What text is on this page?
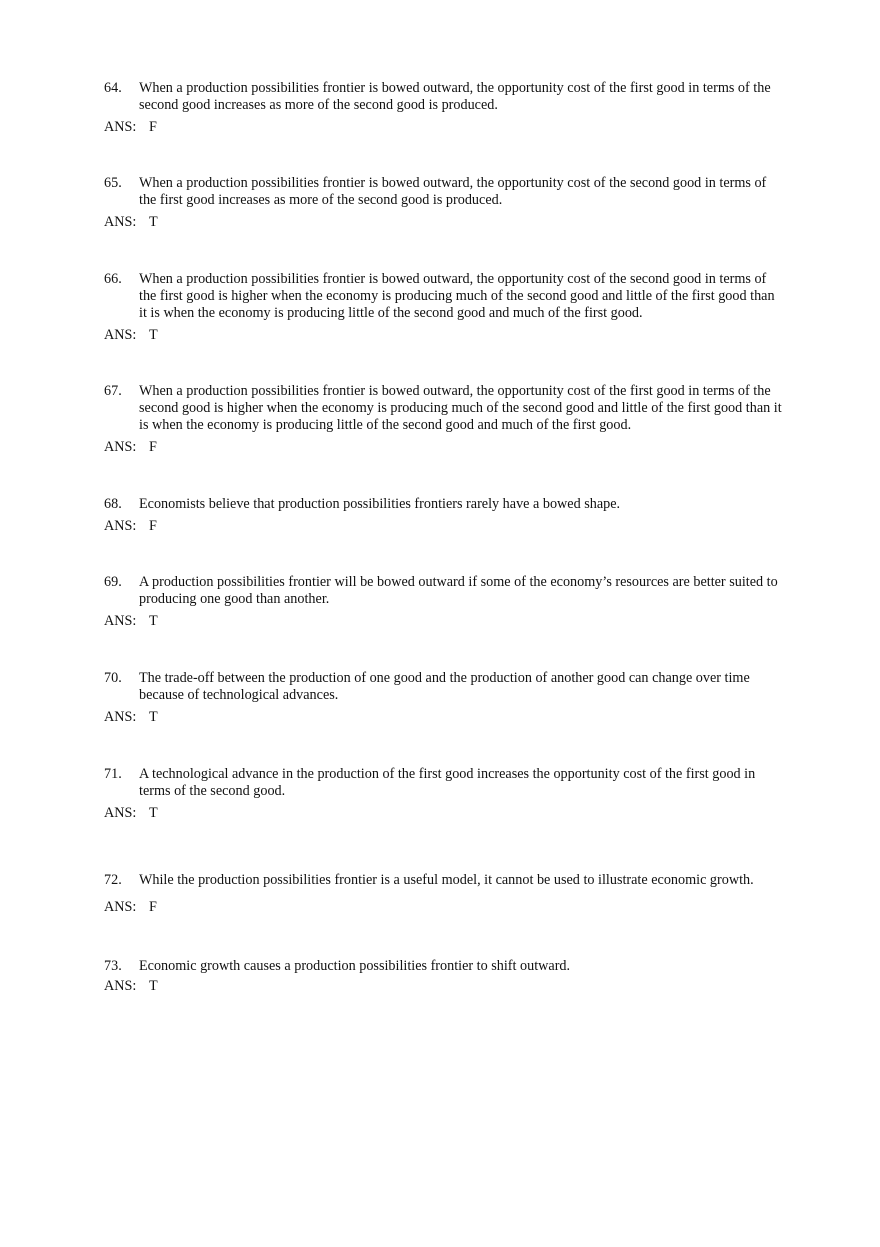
64.	When a production possibilities frontier is bowed outward, the opportunity cost of the first good in terms of the second good increases as more of the second good is produced.
ANS: F
65.	When a production possibilities frontier is bowed outward, the opportunity cost of the second good in terms of the first good increases as more of the second good is produced.
ANS: T
66.	When a production possibilities frontier is bowed outward, the opportunity cost of the second good in terms of the first good is higher when the economy is producing much of the second good and little of the first good than it is when the economy is producing little of the second good and much of the first good.
ANS: T
67.	When a production possibilities frontier is bowed outward, the opportunity cost of the first good in terms of the second good is higher when the economy is producing much of the second good and little of the first good than it is when the economy is producing little of the second good and much of the first good.
ANS: F
68.	Economists believe that production possibilities frontiers rarely have a bowed shape.
ANS: F
69.	A production possibilities frontier will be bowed outward if some of the economy’s resources are better suited to producing one good than another.
ANS: T
70.	The trade-off between the production of one good and the production of another good can change over time because of technological advances.
ANS: T
71.	A technological advance in the production of the first good increases the opportunity cost of the first good in terms of the second good.
ANS: T
72.	While the production possibilities frontier is a useful model, it cannot be used to illustrate economic growth.
ANS: F
73.	Economic growth causes a production possibilities frontier to shift outward.
ANS: T
